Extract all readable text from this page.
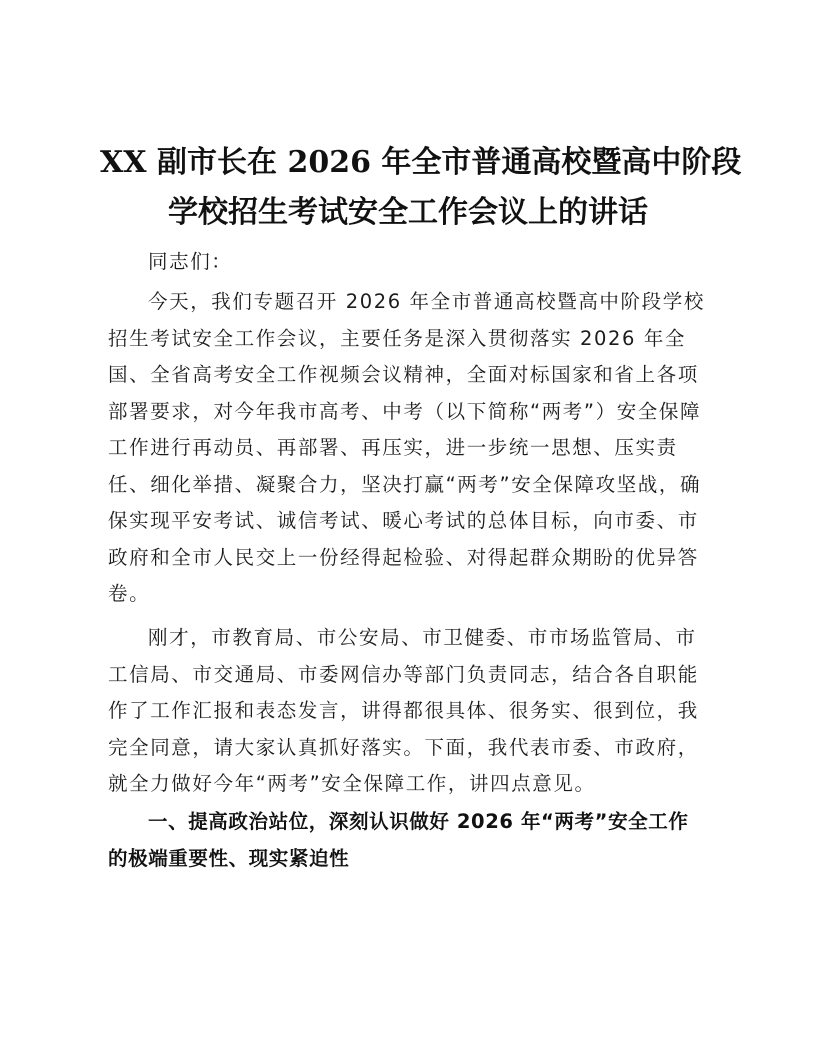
XX 副市长在 2026 年全市普通高校暨高中阶段
学校招生考试安全工作会议上的讲话

同志们：

今天，我们专题召开 2026 年全市普通高校暨高中阶段学校
招生考试安全工作会议，主要任务是深入贯彻落实 2026 年全
国、全省高考安全工作视频会议精神，全面对标国家和省上各项
部署要求，对今年我市高考、中考（以下简称“两考”）安全保障
工作进行再动员、再部署、再压实，进一步统一思想、压实责
任、细化举措、凝聚合力，坚决打赢“两考”安全保障攻坚战，确
保实现平安考试、诚信考试、暖心考试的总体目标，向市委、市
政府和全市人民交上一份经得起检验、对得起群众期盼的优异答
卷。

刚才，市教育局、市公安局、市卫健委、市市场监管局、市
工信局、市交通局、市委网信办等部门负责同志，结合各自职能
作了工作汇报和表态发言，讲得都很具体、很务实、很到位，我
完全同意，请大家认真抓好落实。下面，我代表市委、市政府，
就全力做好今年“两考”安全保障工作，讲四点意见。

一、提高政治站位，深刻认识做好 2026 年“两考”安全工作
的极端重要性、现实紧迫性
